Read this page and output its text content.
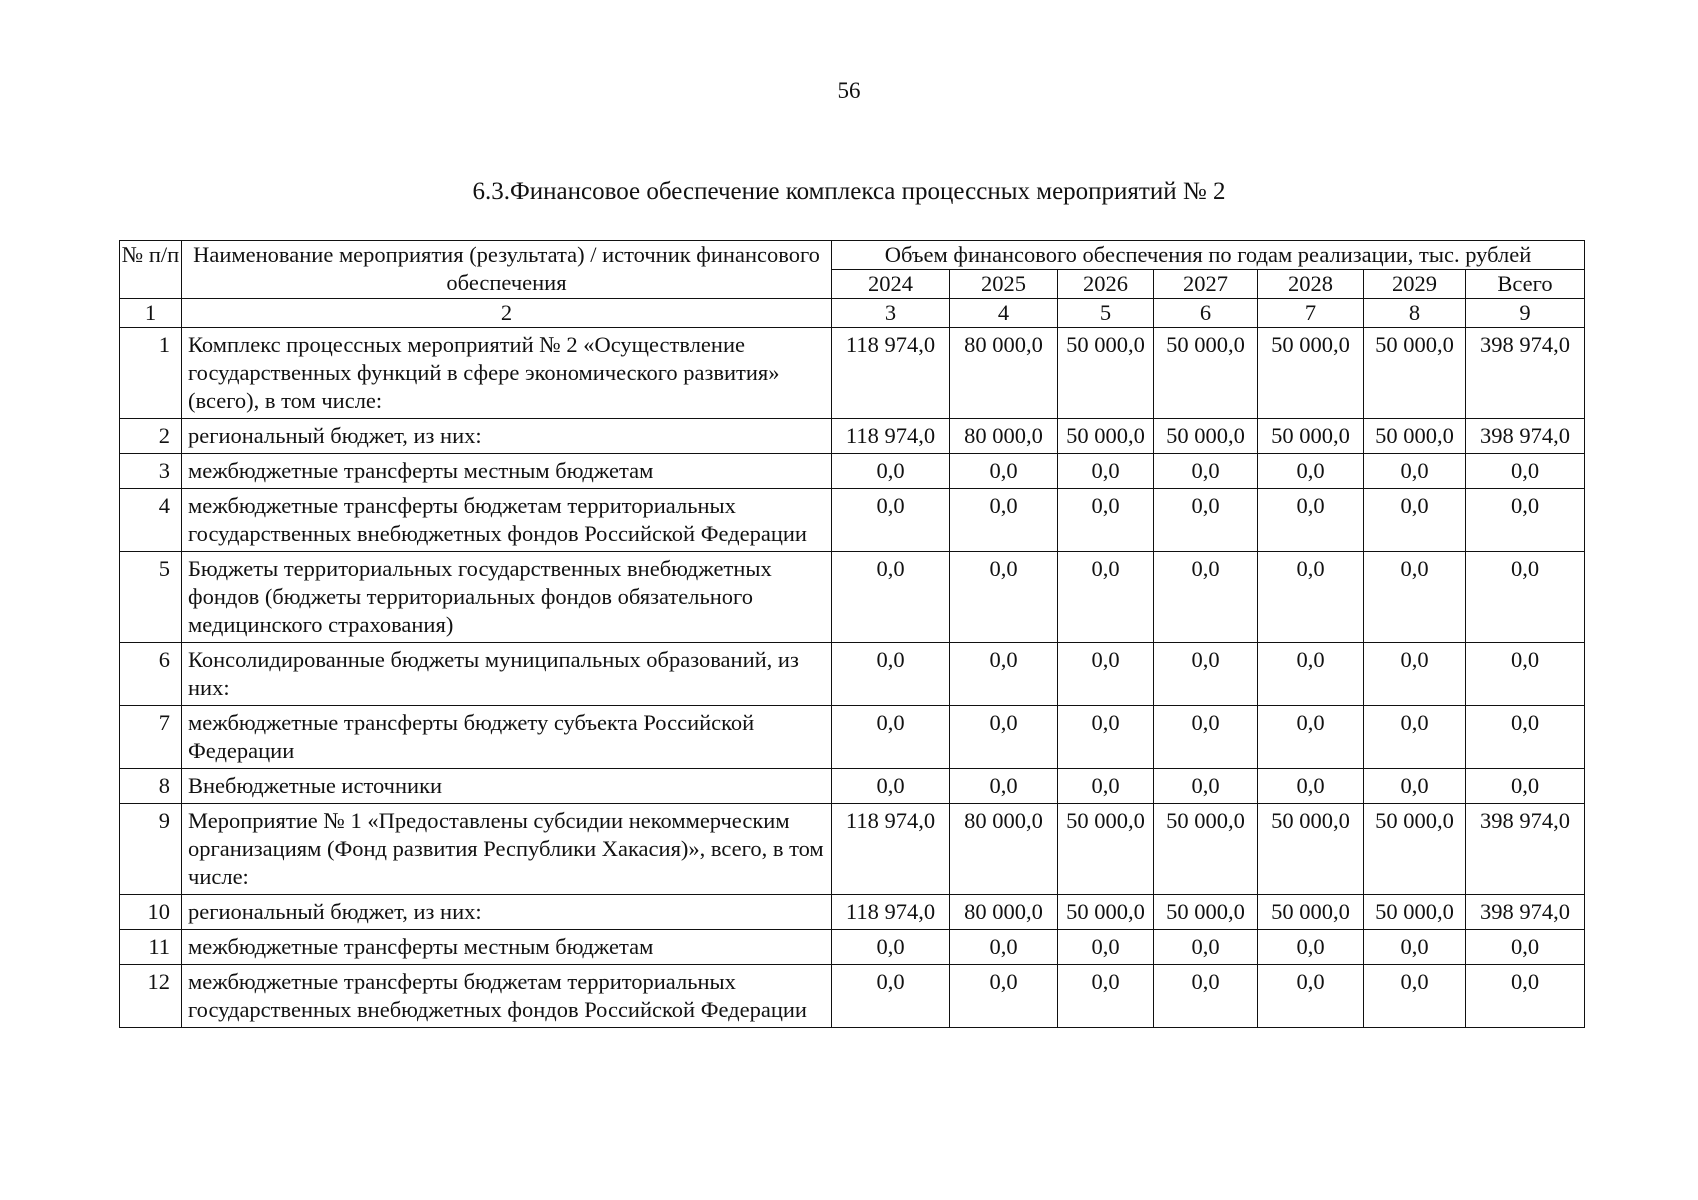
56
6.3.Финансовое обеспечение комплекса процессных мероприятий № 2
№ п/п	Наименование мероприятия (результата) / источник финансового обеспечения	Объем финансового обеспечения по годам реализации, тыс. рублей						
		2024	2025	2026	2027	2028	2029	Всего
1	2	3	4	5	6	7	8	9
1	Комплекс процессных мероприятий № 2 «Осуществление государственных функций в сфере экономического развития» (всего), в том числе:	118 974,0	80 000,0	50 000,0	50 000,0	50 000,0	50 000,0	398 974,0
2	региональный бюджет, из них:	118 974,0	80 000,0	50 000,0	50 000,0	50 000,0	50 000,0	398 974,0
3	межбюджетные трансферты местным бюджетам	0,0	0,0	0,0	0,0	0,0	0,0	0,0
4	межбюджетные трансферты бюджетам территориальных государственных внебюджетных фондов Российской Федерации	0,0	0,0	0,0	0,0	0,0	0,0	0,0
5	Бюджеты территориальных государственных внебюджетных фондов (бюджеты территориальных фондов обязательного медицинского страхования)	0,0	0,0	0,0	0,0	0,0	0,0	0,0
6	Консолидированные бюджеты муниципальных образований, из них:	0,0	0,0	0,0	0,0	0,0	0,0	0,0
7	межбюджетные трансферты бюджету субъекта Российской Федерации	0,0	0,0	0,0	0,0	0,0	0,0	0,0
8	Внебюджетные источники	0,0	0,0	0,0	0,0	0,0	0,0	0,0
9	Мероприятие № 1 «Предоставлены субсидии некоммерческим организациям (Фонд развития Республики Хакасия)», всего, в том числе:	118 974,0	80 000,0	50 000,0	50 000,0	50 000,0	50 000,0	398 974,0
10	региональный бюджет, из них:	118 974,0	80 000,0	50 000,0	50 000,0	50 000,0	50 000,0	398 974,0
11	межбюджетные трансферты местным бюджетам	0,0	0,0	0,0	0,0	0,0	0,0	0,0
12	межбюджетные трансферты бюджетам территориальных государственных внебюджетных фондов Российской Федерации	0,0	0,0	0,0	0,0	0,0	0,0	0,0
